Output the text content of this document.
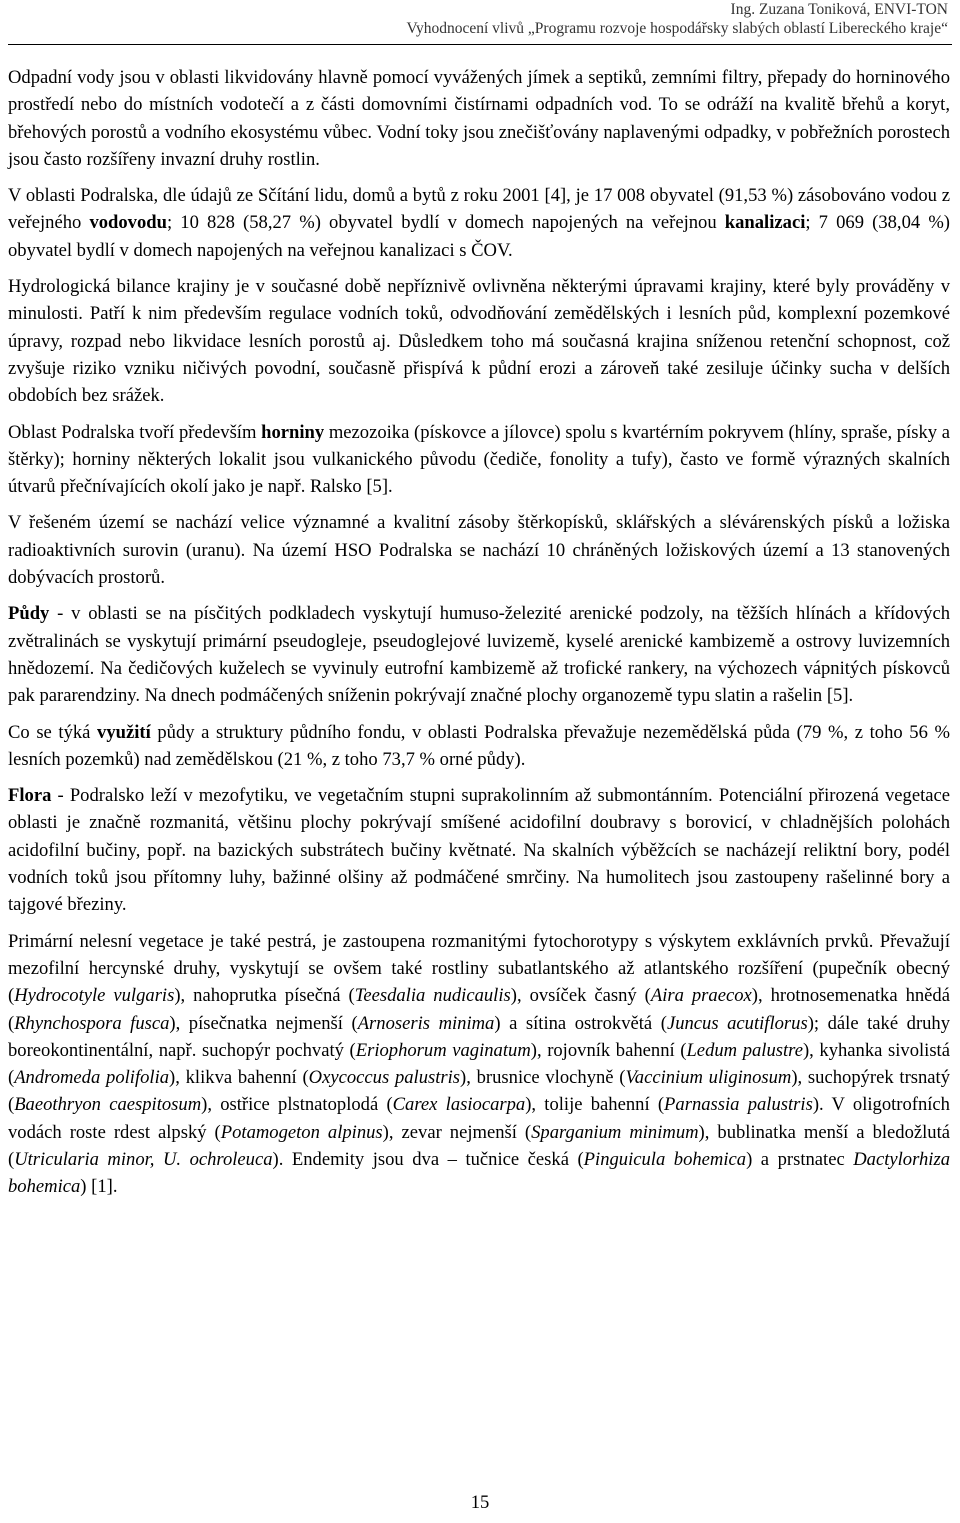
Ing. Zuzana Toniková, ENVI-TON
Vyhodnocení vlivů „Programu rozvoje hospodářsky slabých oblastí Libereckého kraje“

Odpadní vody jsou v oblasti likvidovány hlavně pomocí vyvážených jímek a septiků, zemními filtry, přepady do horninového prostředí nebo do místních vodotečí a z části domovními čistírnami odpadních vod. To se odráží na kvalitě břehů a koryt, břehových porostů a vodního ekosystému vůbec. Vodní toky jsou znečišťovány naplavenými odpadky, v pobřežních porostech jsou často rozšířeny invazní druhy rostlin.

V oblasti Podralska, dle údajů ze Sčítání lidu, domů a bytů z roku 2001 [4], je 17 008 obyvatel (91,53 %) zásobováno vodou z veřejného vodovodu; 10 828 (58,27 %) obyvatel bydlí v domech napojených na veřejnou kanalizaci; 7 069 (38,04 %) obyvatel bydlí v domech napojených na veřejnou kanalizaci s ČOV.

Hydrologická bilance krajiny je v současné době nepříznivě ovlivněna některými úpravami krajiny, které byly prováděny v minulosti. Patří k nim především regulace vodních toků, odvodňování zemědělských i lesních půd, komplexní pozemkové úpravy, rozpad nebo likvidace lesních porostů aj. Důsledkem toho má současná krajina sníženou retenční schopnost, což zvyšuje riziko vzniku ničivých povodní, současně přispívá k půdní erozi a zároveň také zesiluje účinky sucha v delších obdobích bez srážek.

Oblast Podralska tvoří především horniny mezozoika (pískovce a jílovce) spolu s kvartérním pokryvem (hlíny, spraše, písky a štěrky); horniny některých lokalit jsou vulkanického původu (čediče, fonolity a tufy), často ve formě výrazných skalních útvarů přečnívajících okolí jako je např. Ralsko [5].

V řešeném území se nachází velice významné a kvalitní zásoby štěrkopísků, sklářských a slévárenských písků a ložiska radioaktivních surovin (uranu). Na území HSO Podralska se nachází 10 chráněných ložiskových území a 13 stanovených dobývacích prostorů.

Půdy - v oblasti se na písčitých podkladech vyskytují humuso-železité arenické podzoly, na těžších hlínách a křídových zvětralinách se vyskytují primární pseudogleje, pseudoglejové luvizemě, kyselé arenické kambizemě a ostrovy luvizemních hnědozemí. Na čedičových kuželech se vyvinuly eutrofní kambizemě až trofické rankery, na výchozech vápnitých pískovců pak pararendziny. Na dnech podmáčených sníženin pokrývají značné plochy organozemě typu slatin a rašelin [5].

Co se týká využití půdy a struktury půdního fondu, v oblasti Podralska převažuje nezemědělská půda (79 %, z toho 56 % lesních pozemků) nad zemědělskou (21 %, z toho 73,7 % orné půdy).

Flora - Podralsko leží v mezofytiku, ve vegetačním stupni suprakolinním až submontánním. Potenciální přirozená vegetace oblasti je značně rozmanitá, většinu plochy pokrývají smíšené acidofilní doubravy s borovicí, v chladnějších polohách acidofilní bučiny, popř. na bazických substrátech bučiny květnaté. Na skalních výběžcích se nacházejí reliktní bory, podél vodních toků jsou přítomny luhy, bažinné olšiny až podmáčené smrčiny. Na humolitech jsou zastoupeny rašelinné bory a tajgové březiny.

Primární nelesní vegetace je také pestrá, je zastoupena rozmanitými fytochorotypy s výskytem exklávních prvků. Převažují mezofilní hercynské druhy, vyskytují se ovšem také rostliny subatlantského až atlantského rozšíření (pupečník obecný (Hydrocotyle vulgaris), nahoprutka písečná (Teesdalia nudicaulis), ovsíček časný (Aira praecox), hrotnosemenatka hnědá (Rhynchospora fusca), písečnatka nejmenší (Arnoseris minima) a sítina ostrokvětá (Juncus acutiflorus); dále také druhy boreokontinentální, např. suchopýr pochvatý (Eriophorum vaginatum), rojovník bahenní (Ledum palustre), kyhanka sivolistá (Andromeda polifolia), klikva bahenní (Oxycoccus palustris), brusnice vlochyně (Vaccinium uliginosum), suchopýrek trsnatý (Baeothryon caespitosum), ostřice plstnatoplodá (Carex lasiocarpa), tolije bahenní (Parnassia palustris). V oligotrofních vodách roste rdest alpský (Potamogeton alpinus), zevar nejmenší (Sparganium minimum), bublinatka menší a bledožlutá (Utricularia minor, U. ochroleuca). Endemity jsou dva – tučnice česká (Pinguicula bohemica) a prstnatec Dactylorhiza bohemica) [1].

15
